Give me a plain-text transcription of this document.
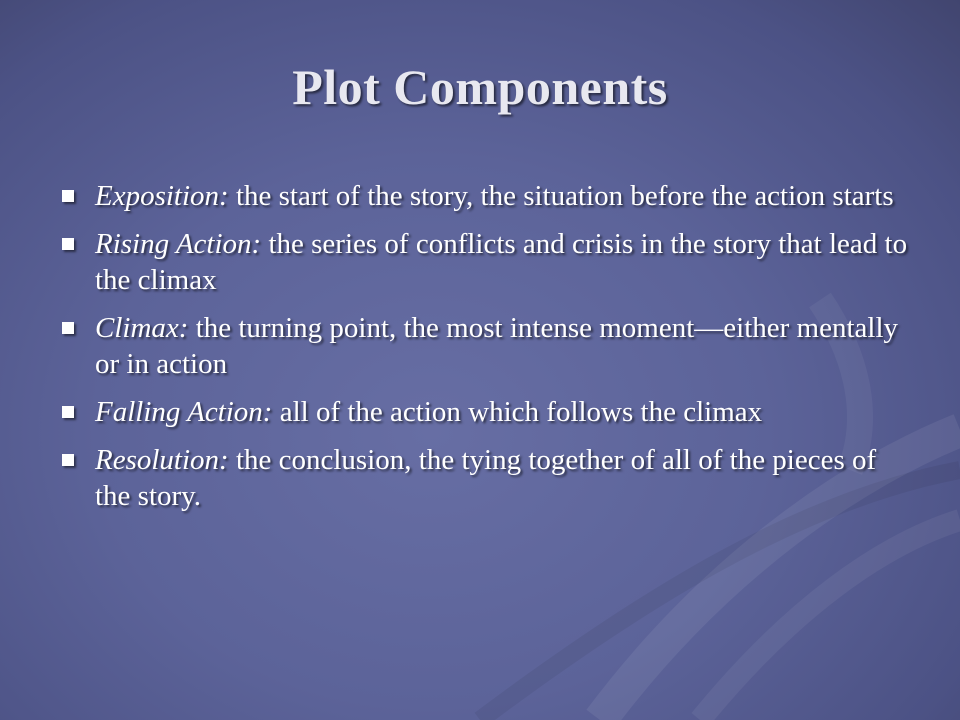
Plot Components
Exposition: the start of the story, the situation before the action starts
Rising Action: the series of conflicts and crisis in the story that lead to the climax
Climax: the turning point, the most intense moment—either mentally or in action
Falling Action: all of the action which follows the climax
Resolution: the conclusion, the tying together of all of the pieces of the story.
